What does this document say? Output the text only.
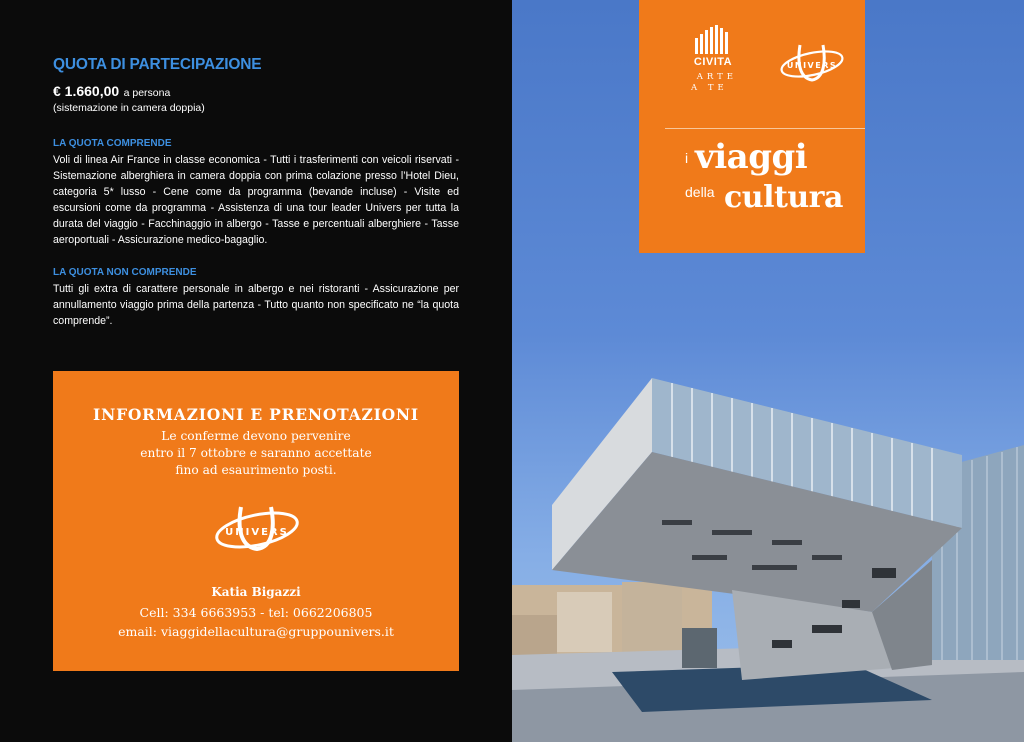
QUOTA DI PARTECIPAZIONE
€ 1.660,00 a persona
(sistemazione in camera doppia)
LA QUOTA COMPRENDE

Voli di linea Air France in classe economica - Tutti i trasferimenti con veicoli riservati - Sistemazione alberghiera in camera doppia con prima colazione presso l’Hotel Dieu, categoria 5* lusso - Cene come da programma (bevande incluse) - Visite ed escursioni come da programma - Assistenza di una tour leader Univers per tutta la durata del viaggio - Facchinaggio in albergo - Tasse e percentuali alberghiere - Tasse aeroportuali - Assicurazione medico-bagaglio.

LA QUOTA NON COMPRENDE

Tutti gli extra di carattere personale in albergo e nei ristoranti - Assicurazione per annullamento viaggio prima della partenza - Tutto quanto non specificato ne “la quota comprende”.

INFORMAZIONI E PRENOTAZIONI
Le conferme devono pervenire
entro il 7 ottobre e saranno accettate
fino ad esaurimento posti.
UNIVERS
Katia Bigazzi
Cell: 334 6663953 - tel: 0662206805
email: viaggidellacultura@gruppounivers.it
CIVITA
ARTE
A TE
UNIVERS
i viaggi
della cultura
